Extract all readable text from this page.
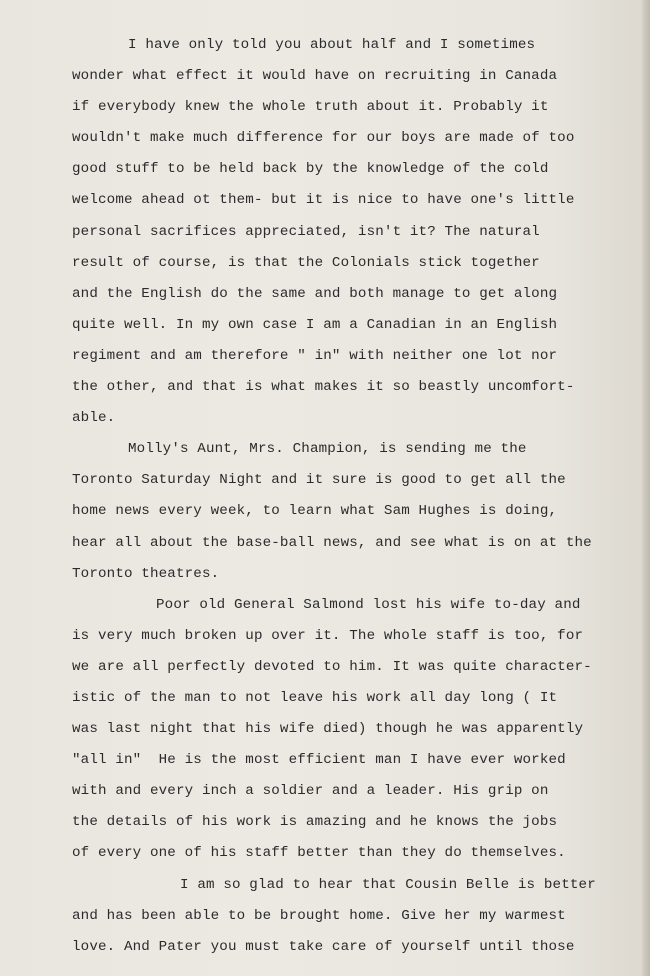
I have only told you about half and I sometimes
wonder what effect it would have on recruiting in Canada
if everybody knew the whole truth about it. Probably it
wouldn't make much difference for our boys are made of too
good stuff to be held back by the knowledge of the cold
welcome ahead ot them- but it is nice to have one's little
personal sacrifices appreciated, isn't it? The natural
result of course, is that the Colonials stick together
and the English do the same and both manage to get along
quite well. In my own case I am a Canadian in an English
regiment and am therefore " in" with neither one lot nor
the other, and that is what makes it so beastly uncomfort-
able.
Molly's Aunt, Mrs. Champion, is sending me the
Toronto Saturday Night and it sure is good to get all the
home news every week, to learn what Sam Hughes is doing,
hear all about the base-ball news, and see what is on at the
Toronto theatres.
Poor old General Salmond lost his wife to-day and
is very much broken up over it. The whole staff is too, for
we are all perfectly devoted to him. It was quite character-
istic of the man to not leave his work all day long ( It
was last night that his wife died) though he was apparently
"all in"  He is the most efficient man I have ever worked
with and every inch a soldier and a leader. His grip on
the details of his work is amazing and he knows the jobs
of every one of his staff better than they do themselves.
I am so glad to hear that Cousin Belle is better
and has been able to be brought home. Give her my warmest
love. And Pater you must take care of yourself until those
